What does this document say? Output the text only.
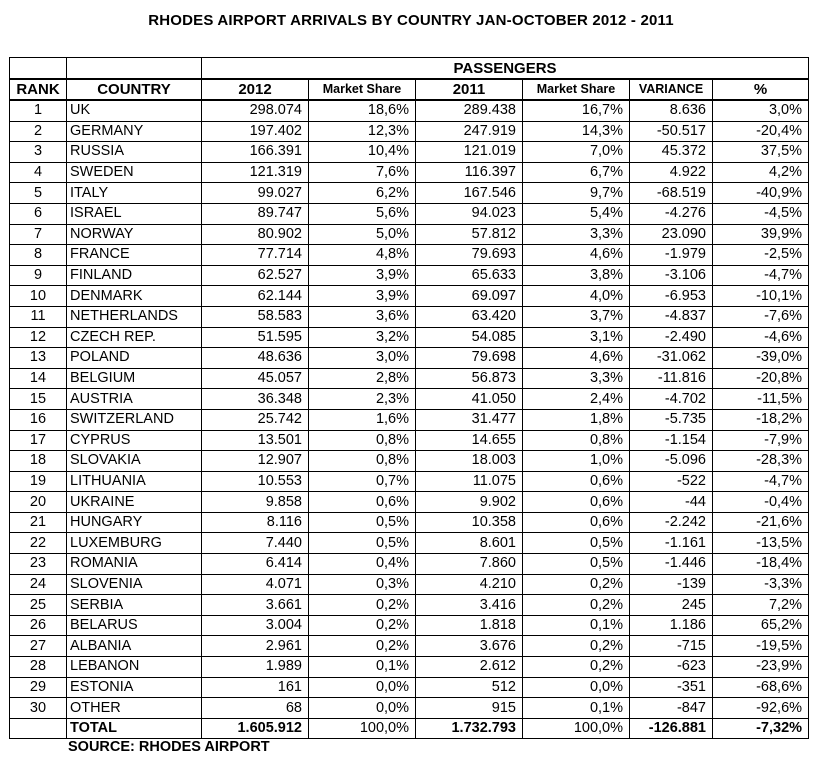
RHODES AIRPORT ARRIVALS BY COUNTRY JAN-OCTOBER 2012 - 2011
		PASSENGERS					
RANK	COUNTRY	2012	Market Share	2011	Market Share	VARIANCE	%
1	UK	298.074	18,6%	289.438	16,7%	8.636	3,0%
2	GERMANY	197.402	12,3%	247.919	14,3%	-50.517	-20,4%
3	RUSSIA	166.391	10,4%	121.019	7,0%	45.372	37,5%
4	SWEDEN	121.319	7,6%	116.397	6,7%	4.922	4,2%
5	ITALY	99.027	6,2%	167.546	9,7%	-68.519	-40,9%
6	ISRAEL	89.747	5,6%	94.023	5,4%	-4.276	-4,5%
7	NORWAY	80.902	5,0%	57.812	3,3%	23.090	39,9%
8	FRANCE	77.714	4,8%	79.693	4,6%	-1.979	-2,5%
9	FINLAND	62.527	3,9%	65.633	3,8%	-3.106	-4,7%
10	DENMARK	62.144	3,9%	69.097	4,0%	-6.953	-10,1%
11	NETHERLANDS	58.583	3,6%	63.420	3,7%	-4.837	-7,6%
12	CZECH REP.	51.595	3,2%	54.085	3,1%	-2.490	-4,6%
13	POLAND	48.636	3,0%	79.698	4,6%	-31.062	-39,0%
14	BELGIUM	45.057	2,8%	56.873	3,3%	-11.816	-20,8%
15	AUSTRIA	36.348	2,3%	41.050	2,4%	-4.702	-11,5%
16	SWITZERLAND	25.742	1,6%	31.477	1,8%	-5.735	-18,2%
17	CYPRUS	13.501	0,8%	14.655	0,8%	-1.154	-7,9%
18	SLOVAKIA	12.907	0,8%	18.003	1,0%	-5.096	-28,3%
19	LITHUANIA	10.553	0,7%	11.075	0,6%	-522	-4,7%
20	UKRAINE	9.858	0,6%	9.902	0,6%	-44	-0,4%
21	HUNGARY	8.116	0,5%	10.358	0,6%	-2.242	-21,6%
22	LUXEMBURG	7.440	0,5%	8.601	0,5%	-1.161	-13,5%
23	ROMANIA	6.414	0,4%	7.860	0,5%	-1.446	-18,4%
24	SLOVENIA	4.071	0,3%	4.210	0,2%	-139	-3,3%
25	SERBIA	3.661	0,2%	3.416	0,2%	245	7,2%
26	BELARUS	3.004	0,2%	1.818	0,1%	1.186	65,2%
27	ALBANIA	2.961	0,2%	3.676	0,2%	-715	-19,5%
28	LEBANON	1.989	0,1%	2.612	0,2%	-623	-23,9%
29	ESTONIA	161	0,0%	512	0,0%	-351	-68,6%
30	OTHER	68	0,0%	915	0,1%	-847	-92,6%
	TOTAL	1.605.912	100,0%	1.732.793	100,0%	-126.881	-7,32%
SOURCE: RHODES AIRPORT
